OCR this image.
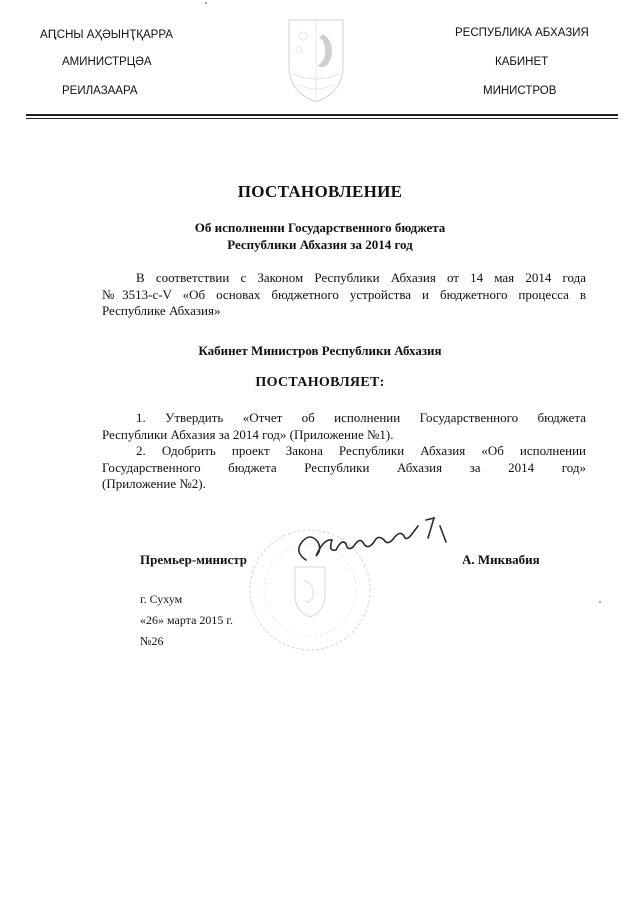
АԤСНЫ АҲӘЫНҬҚАРРА
АМИНИСТРЦӘА
РЕИЛАЗААРА
РЕСПУБЛИКА АБХАЗИЯ
КАБИНЕТ
МИНИСТРОВ
ПОСТАНОВЛЕНИЕ
Об исполнении Государственного бюджета
Республики Абхазия за 2014 год
В соответствии с Законом Республики Абхазия от 14 мая 2014 года
№3513-с-V «Об основах бюджетного устройства и бюджетного процесса в
Республике Абхазия»
Кабинет Министров Республики Абхазия
ПОСТАНОВЛЯЕТ:
1. Утвердить «Отчет об исполнении Государственного бюджета
Республики Абхазия за 2014 год» (Приложение №1).
2. Одобрить проект Закона Республики Абхазия «Об исполнении
Государственного бюджета Республики Абхазия за 2014 год»
(Приложение №2).
Премьер-министр	А. Миквабия
г. Сухум
«26» марта 2015 г.
№26
